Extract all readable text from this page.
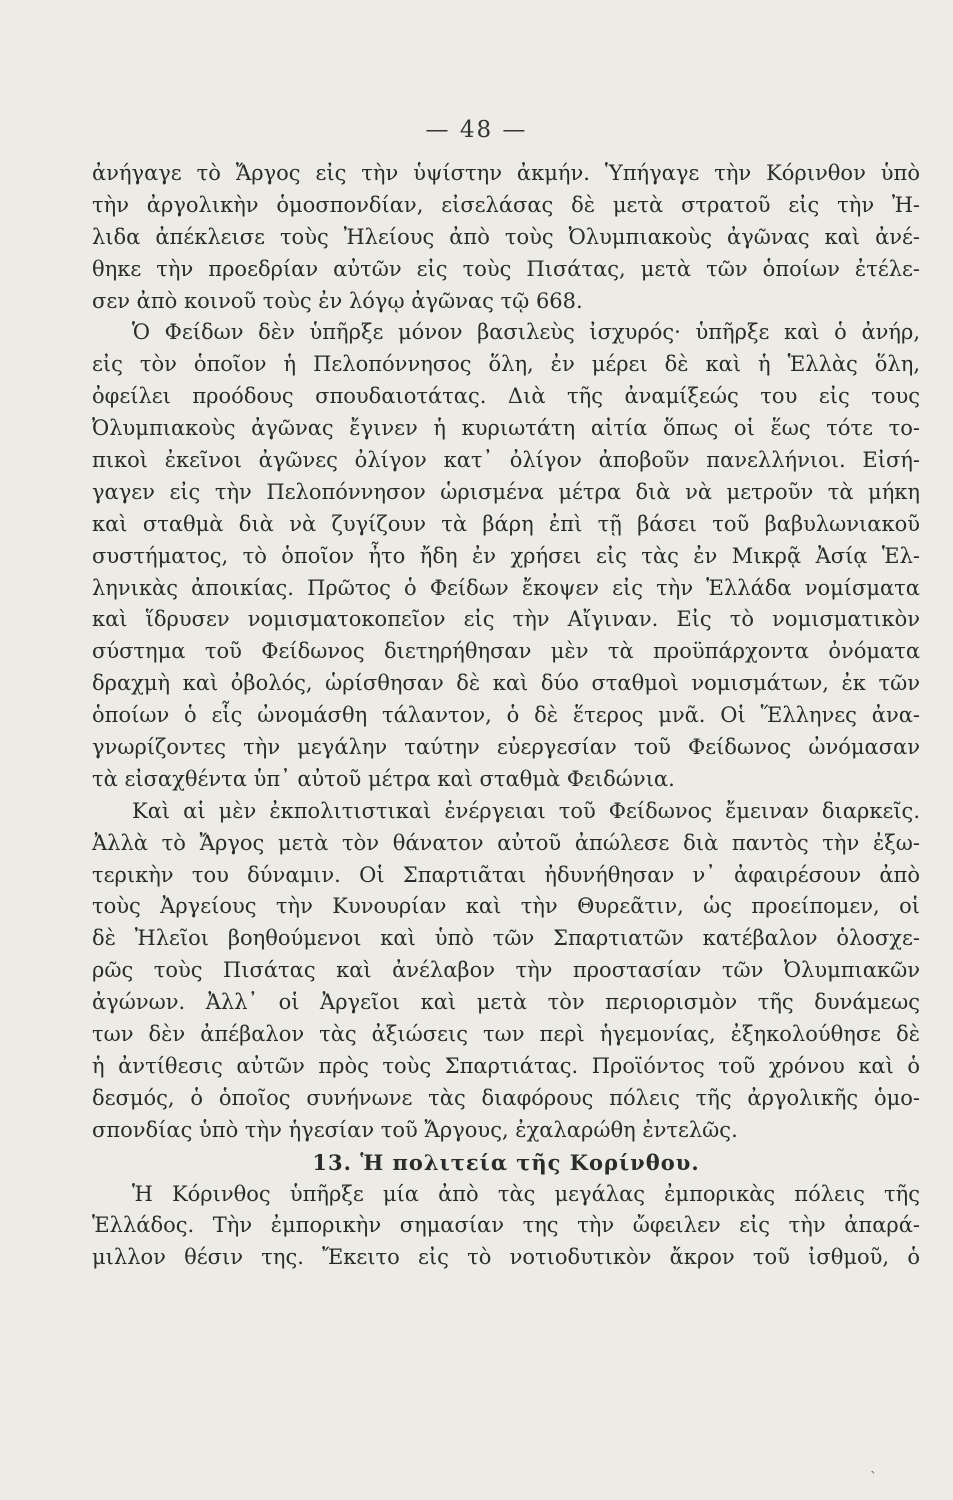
— 48 —
ἀνήγαγε τὸ Ἄργος εἰς τὴν ὑψίστην ἀκμήν. Ὑπήγαγε τὴν Κόρινθον ὑπὸ
τὴν ἀργολικὴν ὁμοσπονδίαν, εἰσελάσας δὲ μετὰ στρατοῦ εἰς τὴν Ἠ-
λιδα ἀπέκλεισε τοὺς Ἠλείους ἀπὸ τοὺς Ὀλυμπιακοὺς ἀγῶνας καὶ ἀνέ-
θηκε τὴν προεδρίαν αὐτῶν εἰς τοὺς Πισάτας, μετὰ τῶν ὁποίων ἐτέλε-
σεν ἀπὸ κοινοῦ τοὺς ἐν λόγῳ ἀγῶνας τῷ 668.
Ὁ Φείδων δὲν ὑπῆρξε μόνον βασιλεὺς ἰσχυρός· ὑπῆρξε καὶ ὁ ἀνήρ,
εἰς τὸν ὁποῖον ἡ Πελοπόννησος ὅλη, ἐν μέρει δὲ καὶ ἡ Ἑλλὰς ὅλη,
ὀφείλει προόδους σπουδαιοτάτας. Διὰ τῆς ἀναμίξεώς του εἰς τους
Ὀλυμπιακοὺς ἀγῶνας ἔγινεν ἡ κυριωτάτη αἰτία ὅπως οἱ ἕως τότε το-
πικοὶ ἐκεῖνοι ἀγῶνες ὀλίγον κατ᾽ ὀλίγον ἀποβοῦν πανελλήνιοι. Εἰσή-
γαγεν εἰς τὴν Πελοπόννησον ὡρισμένα μέτρα διὰ νὰ μετροῦν τὰ μήκη
καὶ σταθμὰ διὰ νὰ ζυγίζουν τὰ βάρη ἐπὶ τῇ βάσει τοῦ βαβυλωνιακοῦ
συστήματος, τὸ ὁποῖον ἦτο ἤδη ἐν χρήσει εἰς τὰς ἐν Μικρᾷ Ἀσίᾳ Ἑλ-
ληνικὰς ἀποικίας. Πρῶτος ὁ Φείδων ἔκοψεν εἰς τὴν Ἑλλάδα νομίσματα
καὶ ἵδρυσεν νομισματοκοπεῖον εἰς τὴν Αἴγιναν. Εἰς τὸ νομισματικὸν
σύστημα τοῦ Φείδωνος διετηρήθησαν μὲν τὰ προϋπάρχοντα ὀνόματα
δραχμὴ καὶ ὀβολός, ὡρίσθησαν δὲ καὶ δύο σταθμοὶ νομισμάτων, ἐκ τῶν
ὁποίων ὁ εἷς ὠνομάσθη τάλαντον, ὁ δὲ ἕτερος μνᾶ. Οἱ Ἕλληνες ἀνα-
γνωρίζοντες τὴν μεγάλην ταύτην εὐεργεσίαν τοῦ Φείδωνος ὠνόμασαν
τὰ εἰσαχθέντα ὑπ᾽ αὐτοῦ μέτρα καὶ σταθμὰ Φειδώνια.
Καὶ αἱ μὲν ἐκπολιτιστικαὶ ἐνέργειαι τοῦ Φείδωνος ἔμειναν διαρκεῖς.
Ἀλλὰ τὸ Ἄργος μετὰ τὸν θάνατον αὐτοῦ ἀπώλεσε διὰ παντὸς τὴν ἐξω-
τερικὴν του δύναμιν. Οἱ Σπαρτιᾶται ἠδυνήθησαν ν᾽ ἀφαιρέσουν ἀπὸ
τοὺς Ἀργείους τὴν Κυνουρίαν καὶ τὴν Θυρεᾶτιν, ὡς προείπομεν, οἱ
δὲ Ἠλεῖοι βοηθούμενοι καὶ ὑπὸ τῶν Σπαρτιατῶν κατέβαλον ὁλοσχε-
ρῶς τοὺς Πισάτας καὶ ἀνέλαβον τὴν προστασίαν τῶν Ὀλυμπιακῶν
ἀγώνων. Ἀλλ᾽ οἱ Ἀργεῖοι καὶ μετὰ τὸν περιορισμὸν τῆς δυνάμεως
των δὲν ἀπέβαλον τὰς ἀξιώσεις των περὶ ἡγεμονίας, ἐξηκολούθησε δὲ
ἡ ἀντίθεσις αὐτῶν πρὸς τοὺς Σπαρτιάτας. Προϊόντος τοῦ χρόνου καὶ ὁ
δεσμός, ὁ ὁποῖος συνήνωνε τὰς διαφόρους πόλεις τῆς ἀργολικῆς ὁμο-
σπονδίας ὑπὸ τὴν ἡγεσίαν τοῦ Ἄργους, ἐχαλαρώθη ἐντελῶς.
13. Ἡ πολιτεία τῆς Κορίνθου.
Ἡ Κόρινθος ὑπῆρξε μία ἀπὸ τὰς μεγάλας ἐμπορικὰς πόλεις τῆς
Ἑλλάδος. Τὴν ἐμπορικὴν σημασίαν της τὴν ὤφειλεν εἰς τὴν ἀπαρά-
μιλλον θέσιν της. Ἔκειτο εἰς τὸ νοτιοδυτικὸν ἄκρον τοῦ ἰσθμοῦ, ὁ
`
